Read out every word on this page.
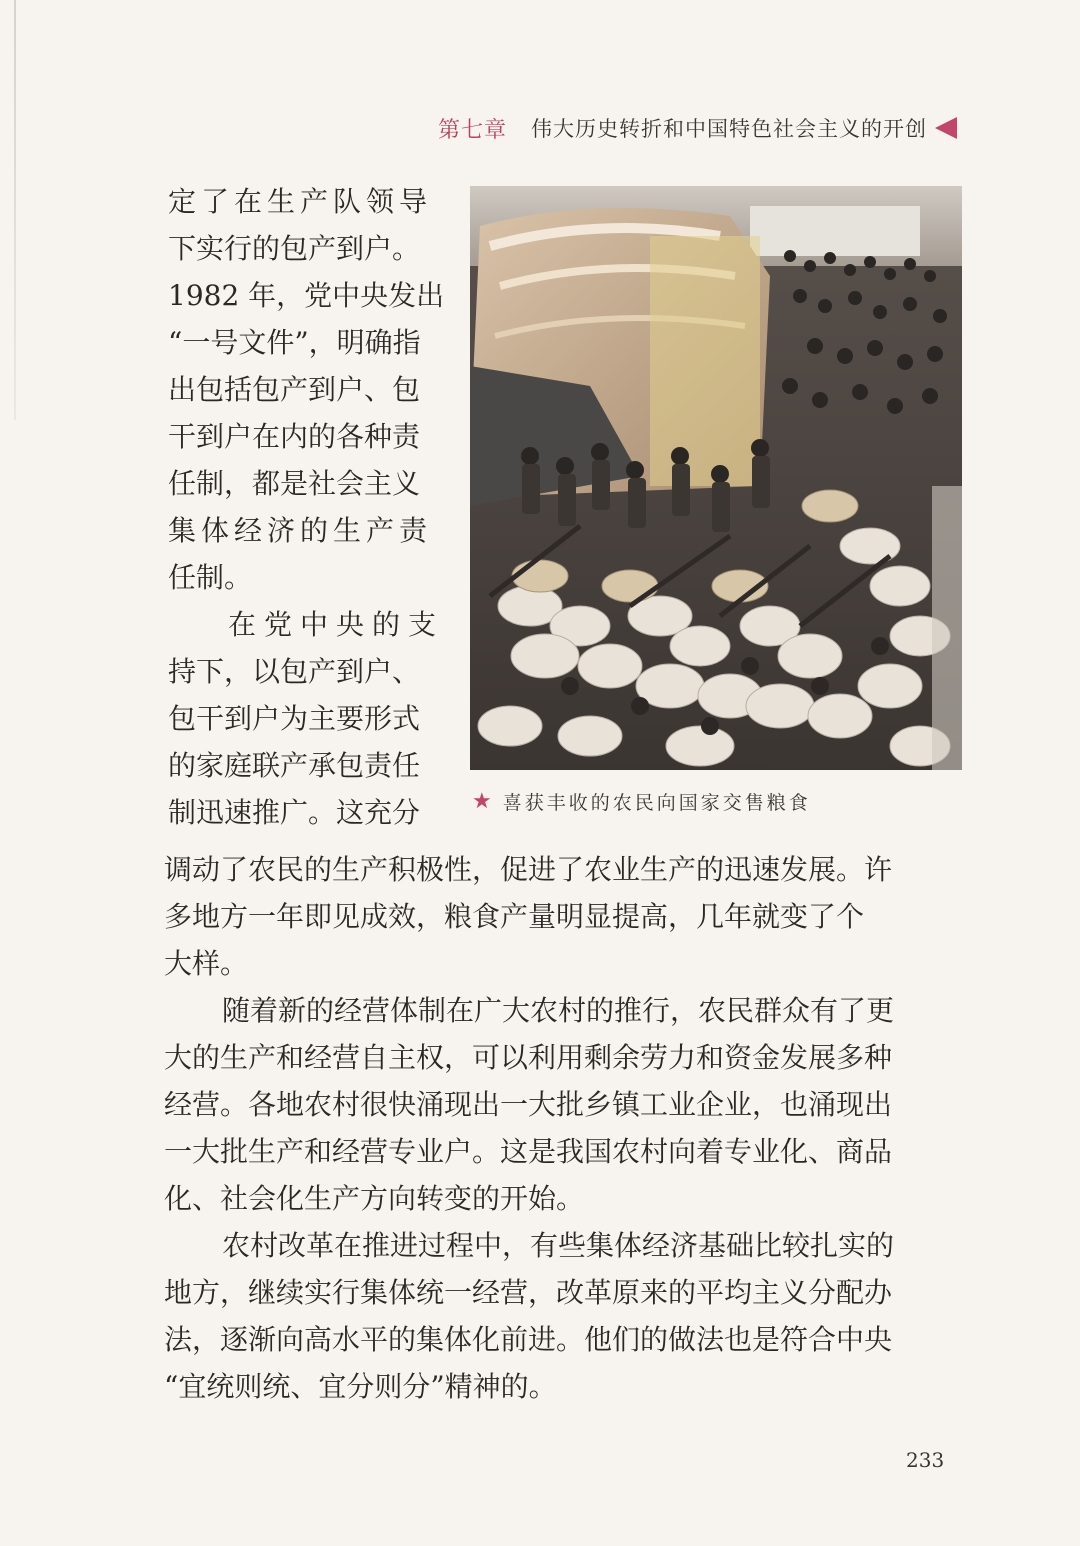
第七章 伟大历史转折和中国特色社会主义的开创

定了在生产队领导
下实行的包产到户。
1982 年，党中央发出
“一号文件”，明确指
出包括包产到户、包
干到户在内的各种责
任制，都是社会主义
集体经济的生产责
任制。

在党中央的支
持下，以包产到户、
包干到户为主要形式
的家庭联产承包责任
制迅速推广。这充分	★ 喜获丰收的农民向国家交售粮食

调动了农民的生产积极性，促进了农业生产的迅速发展。许
多地方一年即见成效，粮食产量明显提高，几年就变了个
大样。

随着新的经营体制在广大农村的推行，农民群众有了更
大的生产和经营自主权，可以利用剩余劳力和资金发展多种
经营。各地农村很快涌现出一大批乡镇工业企业，也涌现出
一大批生产和经营专业户。这是我国农村向着专业化、商品
化、社会化生产方向转变的开始。

农村改革在推进过程中，有些集体经济基础比较扎实的
地方，继续实行集体统一经营，改革原来的平均主义分配办
法，逐渐向高水平的集体化前进。他们的做法也是符合中央
“宜统则统、宜分则分”精神的。

233
